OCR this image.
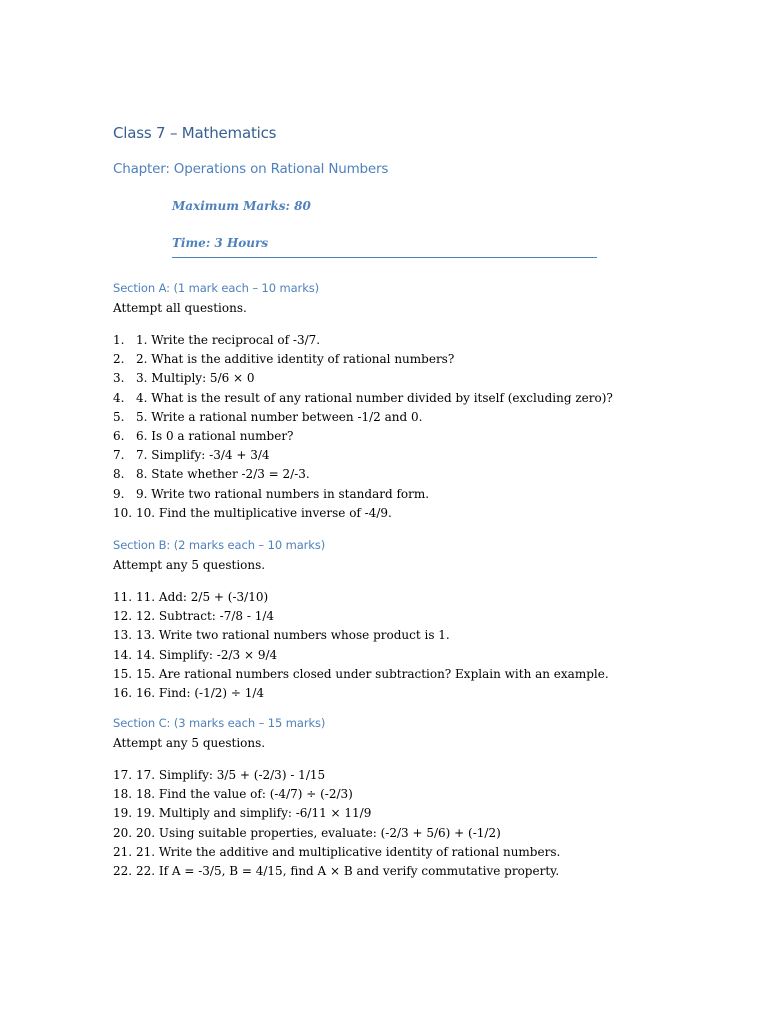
Class 7 – Mathematics
Chapter: Operations on Rational Numbers
Maximum Marks: 80
Time: 3 Hours
Section A: (1 mark each – 10 marks)
Attempt all questions.
1. 1. Write the reciprocal of -3/7.
2. 2. What is the additive identity of rational numbers?
3. 3. Multiply: 5/6 × 0
4. 4. What is the result of any rational number divided by itself (excluding zero)?
5. 5. Write a rational number between -1/2 and 0.
6. 6. Is 0 a rational number?
7. 7. Simplify: -3/4 + 3/4
8. 8. State whether -2/3 = 2/-3.
9. 9. Write two rational numbers in standard form.
10. 10. Find the multiplicative inverse of -4/9.
Section B: (2 marks each – 10 marks)
Attempt any 5 questions.
11. 11. Add: 2/5 + (-3/10)
12. 12. Subtract: -7/8 - 1/4
13. 13. Write two rational numbers whose product is 1.
14. 14. Simplify: -2/3 × 9/4
15. 15. Are rational numbers closed under subtraction? Explain with an example.
16. 16. Find: (-1/2) ÷ 1/4
Section C: (3 marks each – 15 marks)
Attempt any 5 questions.
17. 17. Simplify: 3/5 + (-2/3) - 1/15
18. 18. Find the value of: (-4/7) ÷ (-2/3)
19. 19. Multiply and simplify: -6/11 × 11/9
20. 20. Using suitable properties, evaluate: (-2/3 + 5/6) + (-1/2)
21. 21. Write the additive and multiplicative identity of rational numbers.
22. 22. If A = -3/5, B = 4/15, find A × B and verify commutative property.
